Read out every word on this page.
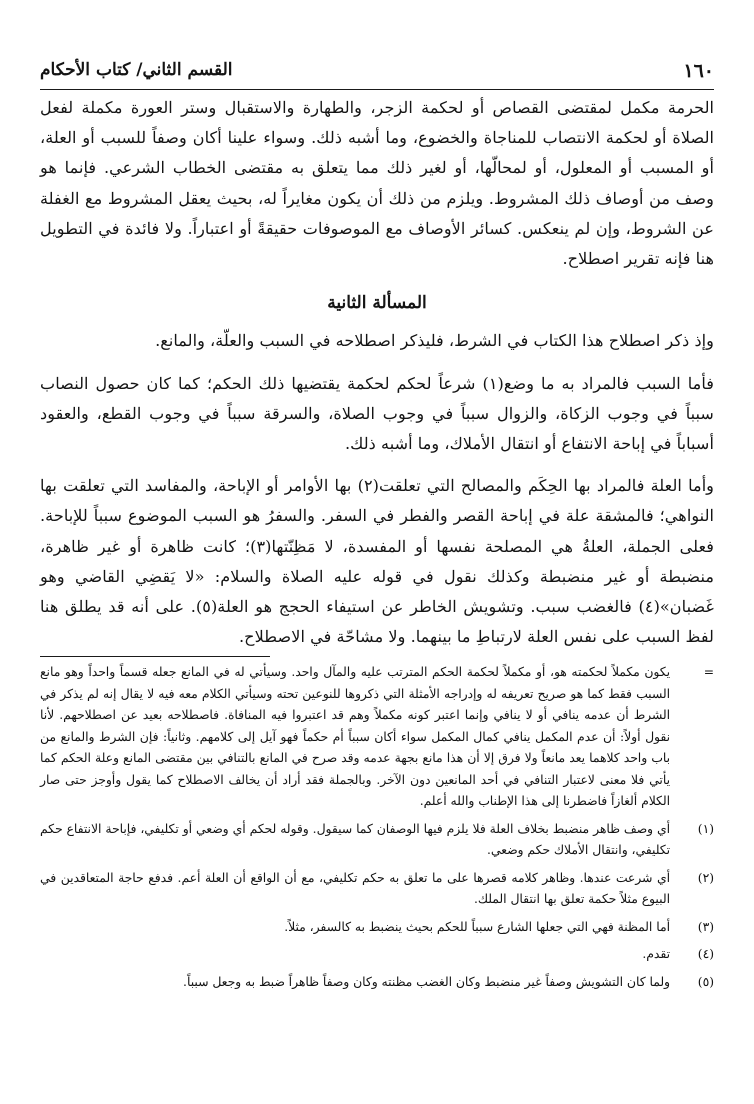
١٦٠
القسم الثاني/ كتاب الأحكام

الحرمة مكمل لمقتضى القصاص أو لحكمة الزجر، والطهارة والاستقبال وستر العورة مكملة لفعل الصلاة أو لحكمة الانتصاب للمناجاة والخضوع، وما أشبه ذلك. وسواء علينا أكان وصفاً للسبب أو العلة، أو المسبب أو المعلول، أو لمحالّها، أو لغير ذلك مما يتعلق به مقتضى الخطاب الشرعي. فإنما هو وصف من أوصاف ذلك المشروط. ويلزم من ذلك أن يكون مغايراً له، بحيث يعقل المشروط مع الغفلة عن الشروط، وإن لم ينعكس. كسائر الأوصاف مع الموصوفات حقيقةً أو اعتباراً. ولا فائدة في التطويل هنا فإنه تقرير اصطلاح.

المسألة الثانية

وإذ ذكر اصطلاح هذا الكتاب في الشرط، فليذكر اصطلاحه في السبب والعلّة، والمانع.

فأما السبب فالمراد به ما وضع(١) شرعاً لحكم لحكمة يقتضيها ذلك الحكم؛ كما كان حصول النصاب سبباً في وجوب الزكاة، والزوال سبباً في وجوب الصلاة، والسرقة سبباً في وجوب القطع، والعقود أسباباً في إباحة الانتفاع أو انتقال الأملاك، وما أشبه ذلك.

وأما العلة فالمراد بها الحِكَم والمصالح التي تعلقت(٢) بها الأوامر أو الإباحة، والمفاسد التي تعلقت بها النواهي؛ فالمشقة علة في إباحة القصر والفطر في السفر. والسفرُ هو السبب الموضوع سبباً للإباحة. فعلى الجملة، العلةُ هي المصلحة نفسها أو المفسدة، لا مَظِنّتها(٣)؛ كانت ظاهرة أو غير ظاهرة، منضبطة أو غير منضبطة وكذلك نقول في قوله عليه الصلاة والسلام: «لا يَقضِي القاضي وهو غَضبان»(٤) فالغضب سبب. وتشويش الخاطر عن استيفاء الحجج هو العلة(٥). على أنه قد يطلق هنا لفظ السبب على نفس العلة لارتباطِ ما بينهما. ولا مشاحّة في الاصطلاح.

=
يكون مكملاً لحكمته هو، أو مكملاً لحكمة الحكم المترتب عليه والمآل واحد. وسيأتي له في المانع جعله قسماً واحداً وهو مانع السبب فقط كما هو صريح تعريفه له وإدراجه الأمثلة التي ذكروها للنوعين تحته وسيأتي الكلام معه فيه لا يقال إنه لم يذكر في الشرط أن عدمه ينافي أو لا ينافي وإنما اعتبر كونه مكملاً وهم قد اعتبروا فيه المنافاة. فاصطلاحه بعيد عن اصطلاحهم. لأنا نقول أولاً: أن عدم المكمل ينافي كمال المكمل سواء أكان سبباً أم حكماً فهو آيل إلى كلامهم. وثانياً: فإن الشرط والمانع من باب واحد كلاهما يعد مانعاً ولا فرق إلا أن هذا مانع بجهة عدمه وقد صرح في المانع بالتنافي بين مقتضى المانع وعلة الحكم كما يأتي فلا معنى لاعتبار التنافي في أحد المانعين دون الآخر. وبالجملة فقد أراد أن يخالف الاصطلاح كما يقول وأوجز حتى صار الكلام ألغازاً فاضطرنا إلى هذا الإطناب والله أعلم.
(١)
أي وصف ظاهر منضبط بخلاف العلة فلا يلزم فيها الوصفان كما سيقول. وقوله لحكم أي وضعي أو تكليفي، فإباحة الانتفاع حكم تكليفي، وانتقال الأملاك حكم وضعي.
(٢)
أي شرعت عندها. وظاهر كلامه قصرها على ما تعلق به حكم تكليفي، مع أن الواقع أن العلة أعم. فدفع حاجة المتعاقدين في البيوع مثلاً حكمة تعلق بها انتقال الملك.
(٣)
أما المظنة فهي التي جعلها الشارع سبباً للحكم بحيث ينضبط به كالسفر، مثلاً.
(٤)
تقدم.
(٥)
ولما كان التشويش وصفاً غير منضبط وكان الغضب مظنته وكان وصفاً ظاهراً ضبط به وجعل سبباً.
